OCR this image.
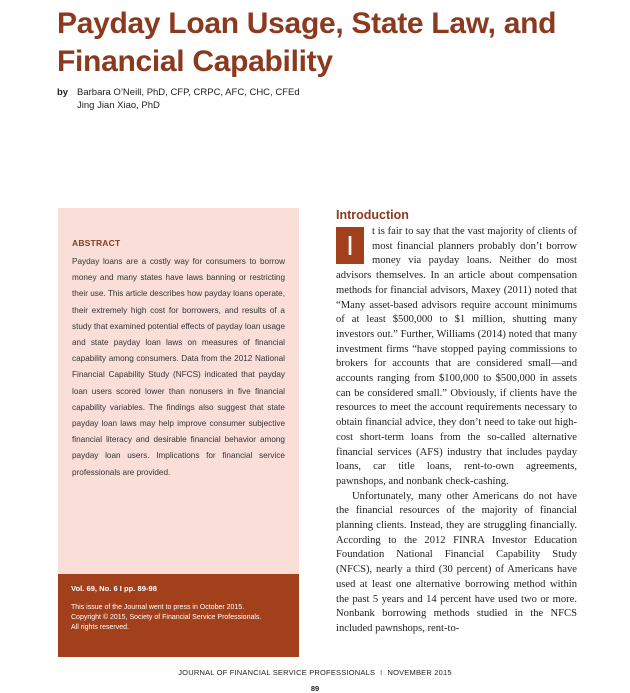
Payday Loan Usage, State Law, and Financial Capability
by Barbara O’Neill, PhD, CFP, CRPC, AFC, CHC, CFEd
Jing Jian Xiao, PhD
ABSTRACT

Payday loans are a costly way for consumers to borrow money and many states have laws banning or restricting their use. This article describes how payday loans operate, their extremely high cost for borrowers, and results of a study that examined potential effects of payday loan usage and state payday loan laws on measures of financial capability among consumers. Data from the 2012 National Financial Capability Study (NFCS) indicated that payday loan users scored lower than nonusers in five financial capability variables. The findings also suggest that state payday loan laws may help improve consumer subjective financial literacy and desirable financial behavior among payday loan users. Implications for financial service professionals are provided.

Vol. 69, No. 6 I pp. 89-98
This issue of the Journal went to press in October 2015.
Copyright © 2015, Society of Financial Service Professionals.
All rights reserved.
Introduction

I	t is fair to say that the vast majority of clients of most financial planners probably don’t borrow money via payday loans. Neither do most advisors themselves. In an article about compensation methods for financial advisors, Maxey (2011) noted that “Many asset-based advisors require account minimums of at least $500,000 to $1 million, shutting many investors out.” Further, Williams (2014) noted that many investment firms “have stopped paying commissions to brokers for accounts that are considered small—and accounts ranging from $100,000 to $500,000 in assets can be considered small.” Obviously, if clients have the resources to meet the account requirements necessary to obtain financial advice, they don’t need to take out high-cost short-term loans from the so-called alternative financial services (AFS) industry that includes payday loans, car title loans, rent-to-own agreements, pawnshops, and nonbank check-cashing.

Unfortunately, many other Americans do not have the financial resources of the majority of financial planning clients. Instead, they are struggling financially. According to the 2012 FINRA Investor Education Foundation National Financial Capability Study (NFCS), nearly a third (30 percent) of Americans have used at least one alternative borrowing method within the past 5 years and 14 percent have used two or more. Nonbank borrowing methods studied in the NFCS included pawnshops, rent-to-

JOURNAL OF FINANCIAL SERVICE PROFESSIONALS I NOVEMBER 2015
89
